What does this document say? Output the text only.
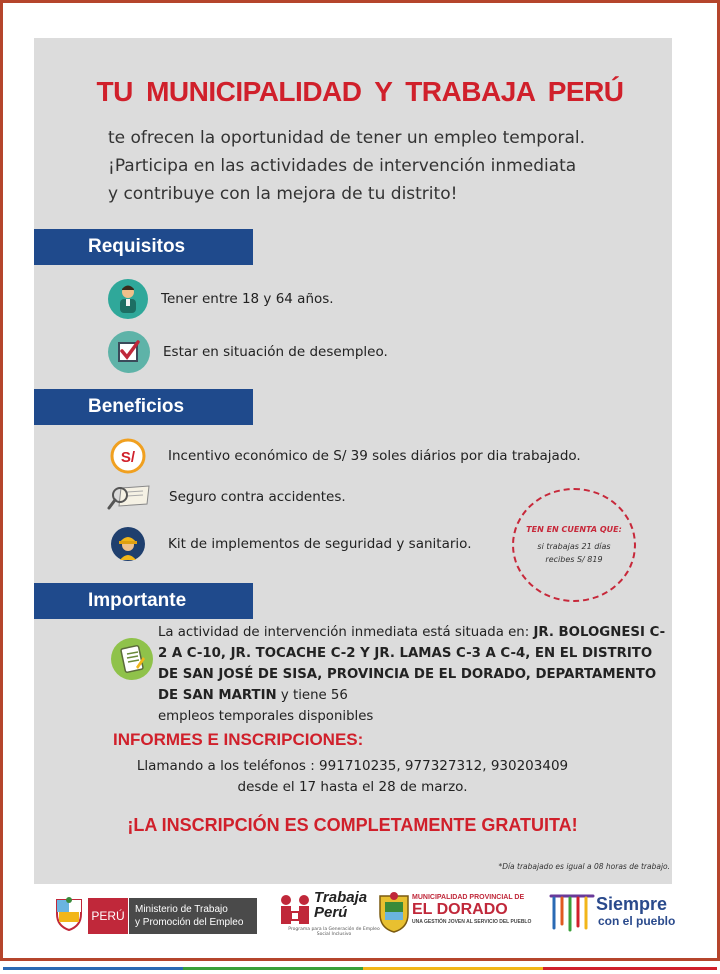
TU MUNICIPALIDAD Y TRABAJA PERÚ
te ofrecen la oportunidad de tener un empleo temporal.
¡Participa en las actividades de intervención inmediata
y contribuye con la mejora de tu distrito!
Requisitos
Tener entre 18 y 64 años.
Estar en situación de desempleo.
Beneficios
S/ Incentivo económico de S/ 39 soles diários por dia trabajado.
Seguro contra accidentes.
Kit de implementos de seguridad y sanitario.
TEN EN CUENTA QUE:
si trabajas 21 días
recibes S/ 819
Importante
La actividad de intervención inmediata está situada en: JR. BOLOGNESI C-2 A C-10, JR. TOCACHE C-2 Y JR. LAMAS C-3 A C-4, EN EL DISTRITO DE SAN JOSÉ DE SISA, PROVINCIA DE EL DORADO, DEPARTAMENTO DE SAN MARTIN y tiene 56
empleos temporales disponibles
INFORMES E INSCRIPCIONES:
Llamando a los teléfonos : 991710235, 977327312, 930203409
desde el 17 hasta el 28 de marzo.
¡LA INSCRIPCIÓN ES COMPLETAMENTE GRATUITA!
*Día trabajado es igual a 08 horas de trabajo.
PERÚ	Ministerio de Trabajo
y Promoción del Empleo
Trabaja
Perú
Programa para la Generación de Empleo Social Inclusivo
MUNICIPALIDAD PROVINCIAL DE
EL DORADO
UNA GESTIÓN JOVEN AL SERVICIO DEL PUEBLO
Siempre
con el pueblo
